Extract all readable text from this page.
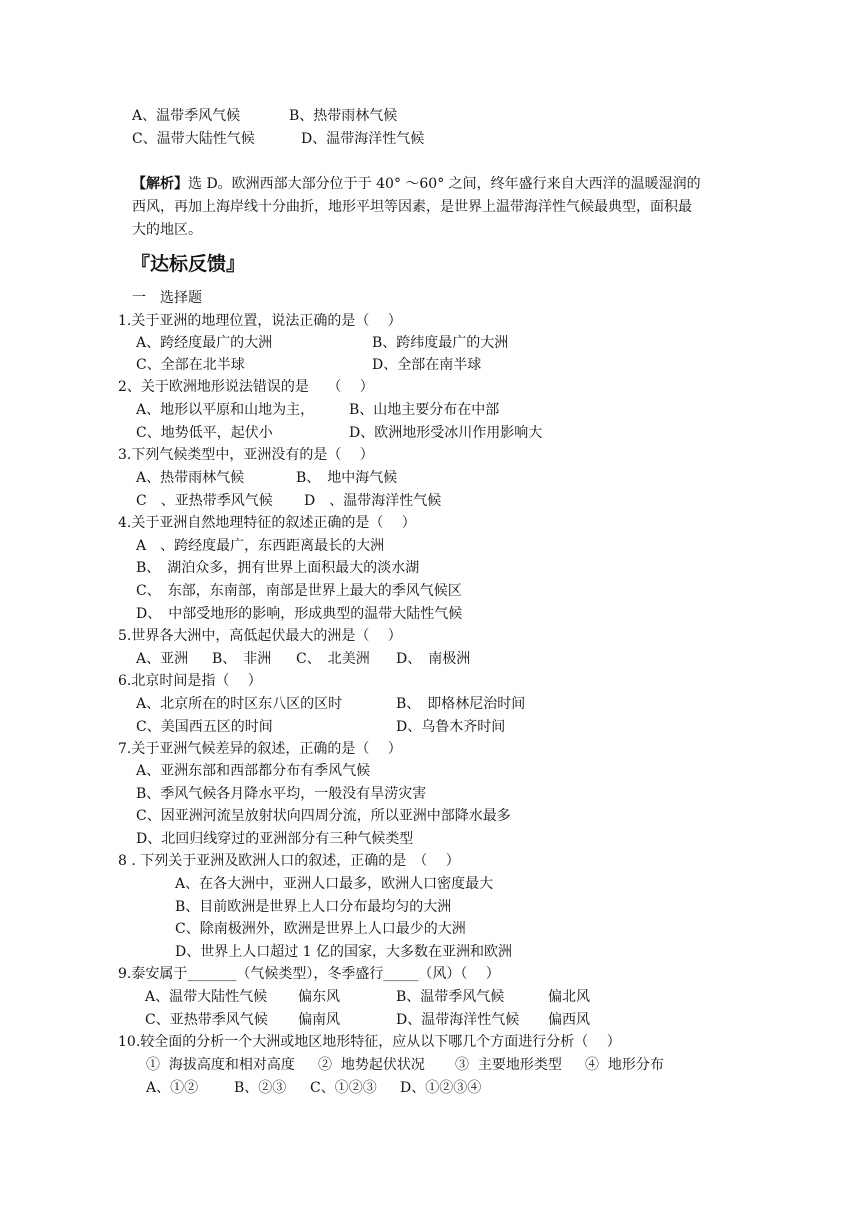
A、温带季风气候	B、热带雨林气候
C、温带大陆性气候	D、温带海洋性气候
【解析】选 D。欧洲西部大部分位于于 40° ～60° 之间，终年盛行来自大西洋的温暖湿润的
西风，再加上海岸线十分曲折，地形平坦等因素，是世界上温带海洋性气候最典型，面积最
大的地区。
『达标反馈』
一　选择题
1.关于亚洲的地理位置，说法正确的是（　 ）
A、跨经度最广的大洲	B、跨纬度最广的大洲
C、全部在北半球	D、全部在南半球
2、关于欧洲地形说法错误的是　 （　 ）
A、地形以平原和山地为主， B、山地主要分布在中部
C、地势低平，起伏小	D、欧洲地形受冰川作用影响大
3.下列气候类型中，亚洲没有的是（　 ）
A、热带雨林气候	B、　地中海气候
C　、亚热带季风气候 D　、温带海洋性气候
4.关于亚洲自然地理特征的叙述正确的是（　 ）
A　、跨经度最广，东西距离最长的大洲
B、　湖泊众多，拥有世界上面积最大的淡水湖
C、　东部，东南部，南部是世界上最大的季风气候区
D、　中部受地形的影响，形成典型的温带大陆性气候
5.世界各大洲中，高低起伏最大的洲是（　 ）
A、亚洲 B、　非洲 C、　北美洲 D、　南极洲
6.北京时间是指（　 ）
A、北京所在的时区东八区的区时	B、　即格林尼治时间
C、美国西五区的时间	D、乌鲁木齐时间
7.关于亚洲气候差异的叙述，正确的是（　 ）
A、亚洲东部和西部都分布有季风气候
B、季风气候各月降水平均，一般没有旱涝灾害
C、因亚洲河流呈放射状向四周分流，所以亚洲中部降水最多
D、北回归线穿过的亚洲部分有三种气候类型
8 . 下列关于亚洲及欧洲人口的叙述，正确的是　（　 ）
A、在各大洲中，亚洲人口最多，欧洲人口密度最大
B、目前欧洲是世界上人口分布最均匀的大洲
C、除南极洲外，欧洲是世界上人口最少的大洲
D、世界上人口超过 1 亿的国家，大多数在亚洲和欧洲
9.泰安属于_______（气候类型），冬季盛行_____（风）（　 ）
A、温带大陆性气候 偏东风	B、温带季风气候	偏北风
C、亚热带季风气候 偏南风	D、温带海洋性气候 偏西风
10.较全面的分析一个大洲或地区地形特征，应从以下哪几个方面进行分析（　 ）
①  海拔高度和相对高度 ②  地势起伏状况 ③  主要地形类型 ④  地形分布
A、①②	B、②③ C、①②③ D、①②③④
